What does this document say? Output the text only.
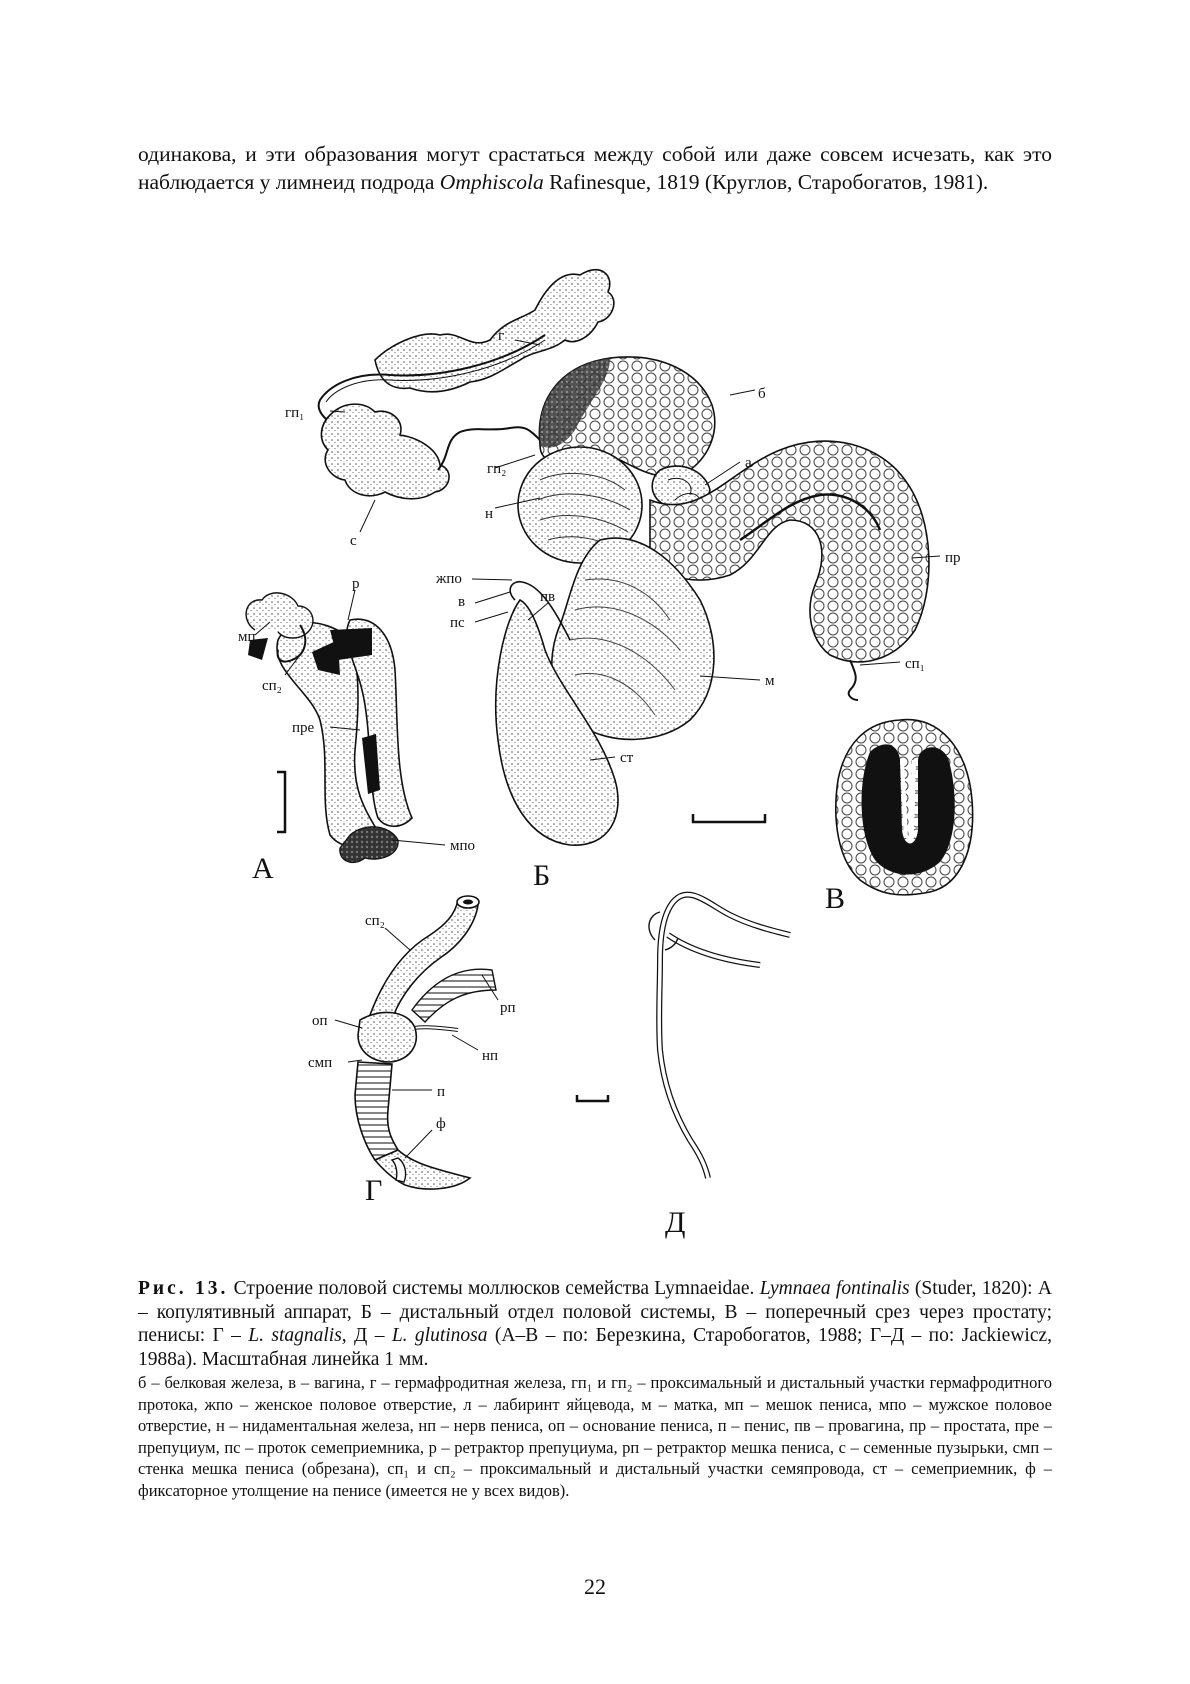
одинакова, и эти образования могут срастаться между собой или даже совсем исчезать, как это наблюдается у лимнеид подрода Omphiscola Rafinesque, 1819 (Круглов, Старобогатов, 1981).

г
б
а
гп₁
гп₂
н
с
пр
сп₁
жпо
в
пс
пв
м
ст
р
мп
сп₂
пре
мпо
сп₂
рп
оп
нп
смп
п
ф
А	Б
В
Г
Д

Рис. 13. Строение половой системы моллюсков семейства Lymnaeidae. Lymnaea fontinalis (Studer, 1820): А – копулятивный аппарат, Б – дистальный отдел половой системы, В – поперечный срез через простату; пенисы: Г – L. stagnalis, Д – L. glutinosa (А–В – по: Березкина, Старобогатов, 1988; Г–Д – по: Jackiewicz, 1988а). Масштабная линейка 1 мм.

б – белковая железа, в – вагина, г – гермафродитная железа, гп₁ и гп₂ – проксимальный и дистальный участки гермафродитного протока, жпо – женское половое отверстие, л – лабиринт яйцевода, м – матка, мп – мешок пениса, мпо – мужское половое отверстие, н – нидаментальная железа, нп – нерв пениса, оп – основание пениса, п – пенис, пв – провагина, пр – простата, пре – препуциум, пс – проток семеприемника, р – ретрактор препуциума, рп – ретрактор мешка пениса, с – семенные пузырьки, смп – стенка мешка пениса (обрезана), сп₁ и сп₂ – проксимальный и дистальный участки семяпровода, ст – семеприемник, ф – фиксаторное утолщение на пенисе (имеется не у всех видов).

22
